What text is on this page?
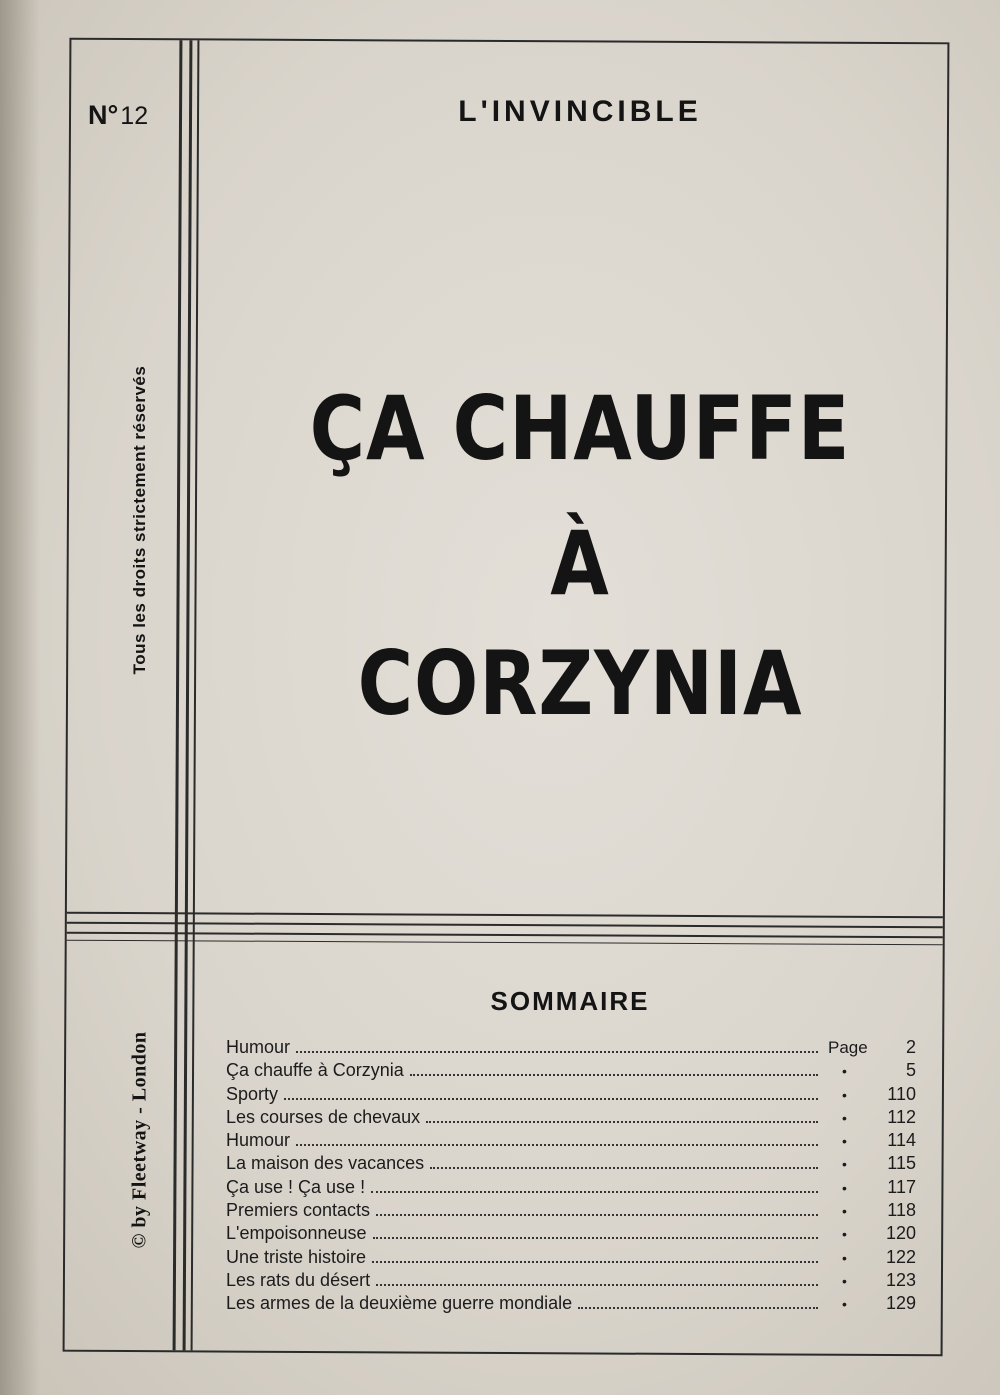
N°12	L'INVINCIBLE
Tous les droits strictement réservés
© by Fleetway - London
ÇA CHAUFFE
À
CORZYNIA
SOMMAIRE
Humour	Page	2
Ça chauffe à Corzynia	•	5
Sporty	•	110
Les courses de chevaux	•	112
Humour	•	114
La maison des vacances	•	115
Ça use ! Ça use !	•	117
Premiers contacts	•	118
L'empoisonneuse	•	120
Une triste histoire	•	122
Les rats du désert	•	123
Les armes de la deuxième guerre mondiale	•	129
